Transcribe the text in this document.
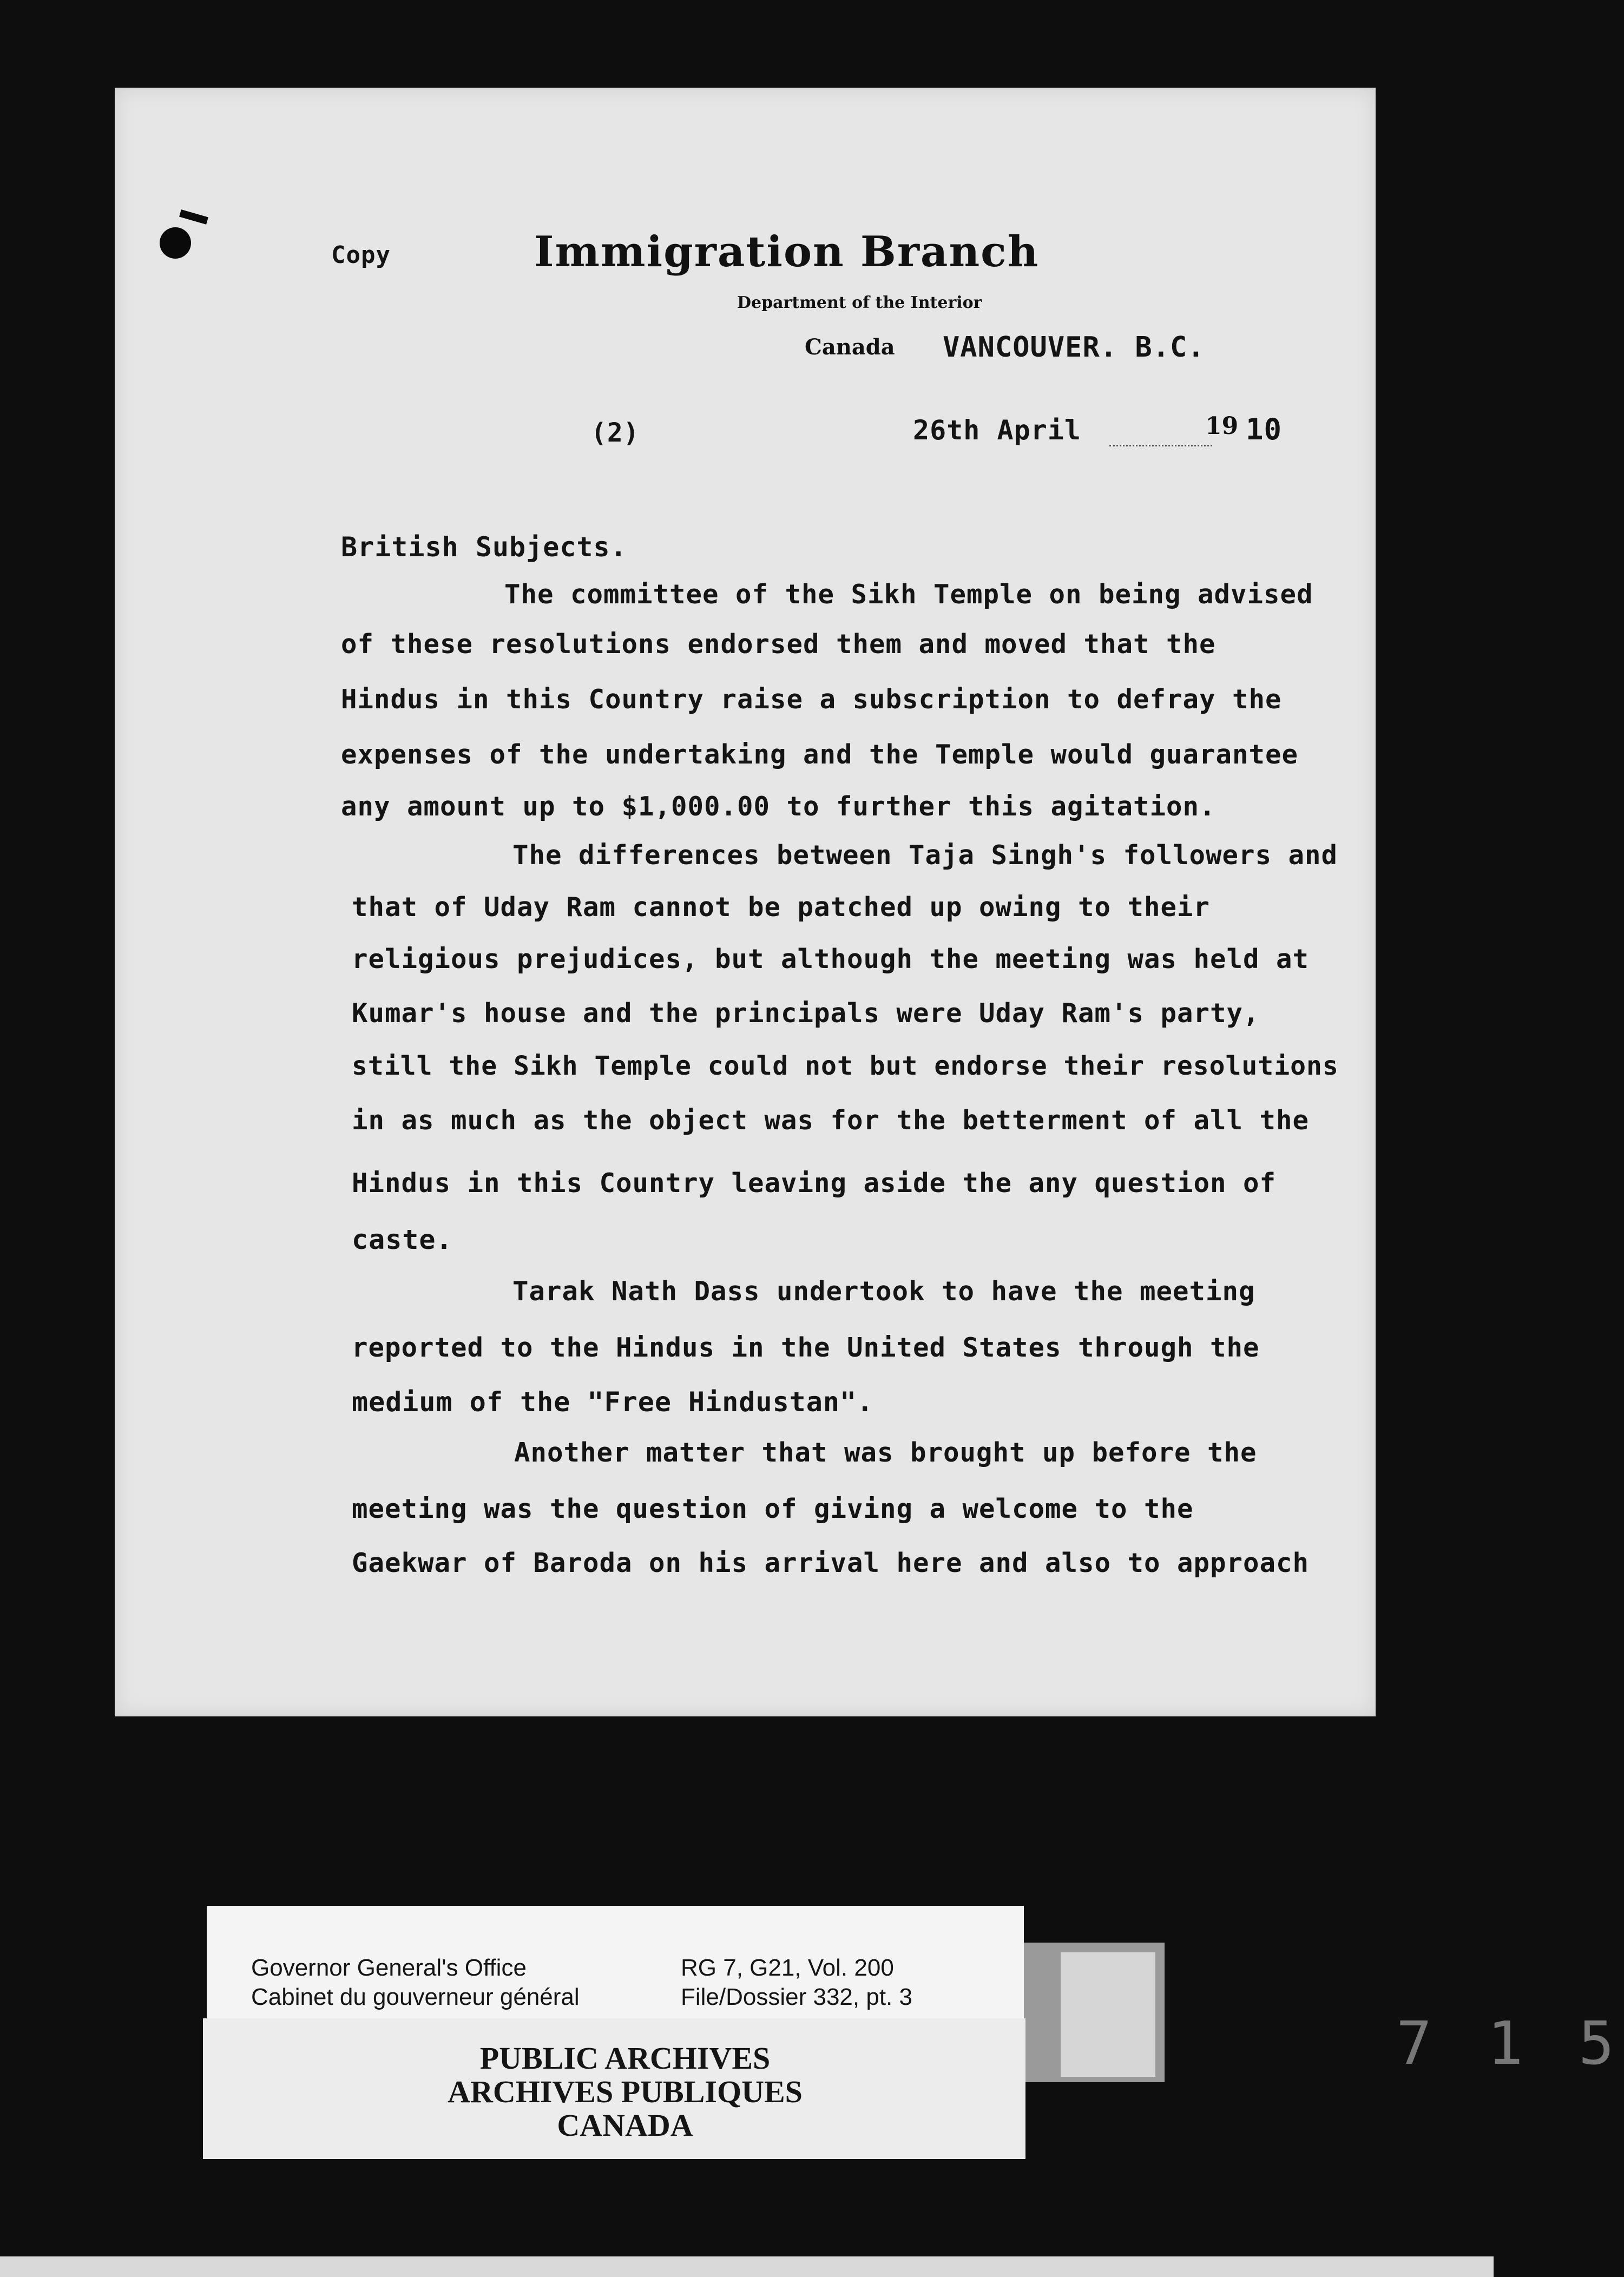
Copy	Immigration Branch
Department of the Interior
Canada VANCOUVER. B.C.
(2)	26th April	19 10
British Subjects.
The committee of the Sikh Temple on being advised
of these resolutions endorsed them and moved that the
Hindus in this Country raise a subscription to defray the
expenses of the undertaking and the Temple would guarantee
any amount up to $1,000.00 to further this agitation.
The differences between Taja Singh's followers and
that of Uday Ram cannot be patched up owing to their
religious prejudices, but although the meeting was held at
Kumar's house and the principals were Uday Ram's party,
still the Sikh Temple could not but endorse their resolutions
in as much as the object was for the betterment of all the
Hindus in this Country leaving aside the any question of
caste.
Tarak Nath Dass undertook to have the meeting
reported to the Hindus in the United States through the
medium of the "Free Hindustan".
Another matter that was brought up before the
meeting was the question of giving a welcome to the
Gaekwar of Baroda on his arrival here and also to approach
Governor General's Office
Cabinet du gouverneur général
RG 7, G21, Vol. 200
File/Dossier 332, pt. 3
PUBLIC ARCHIVES
ARCHIVES PUBLIQUES
CANADA
7 1 5
